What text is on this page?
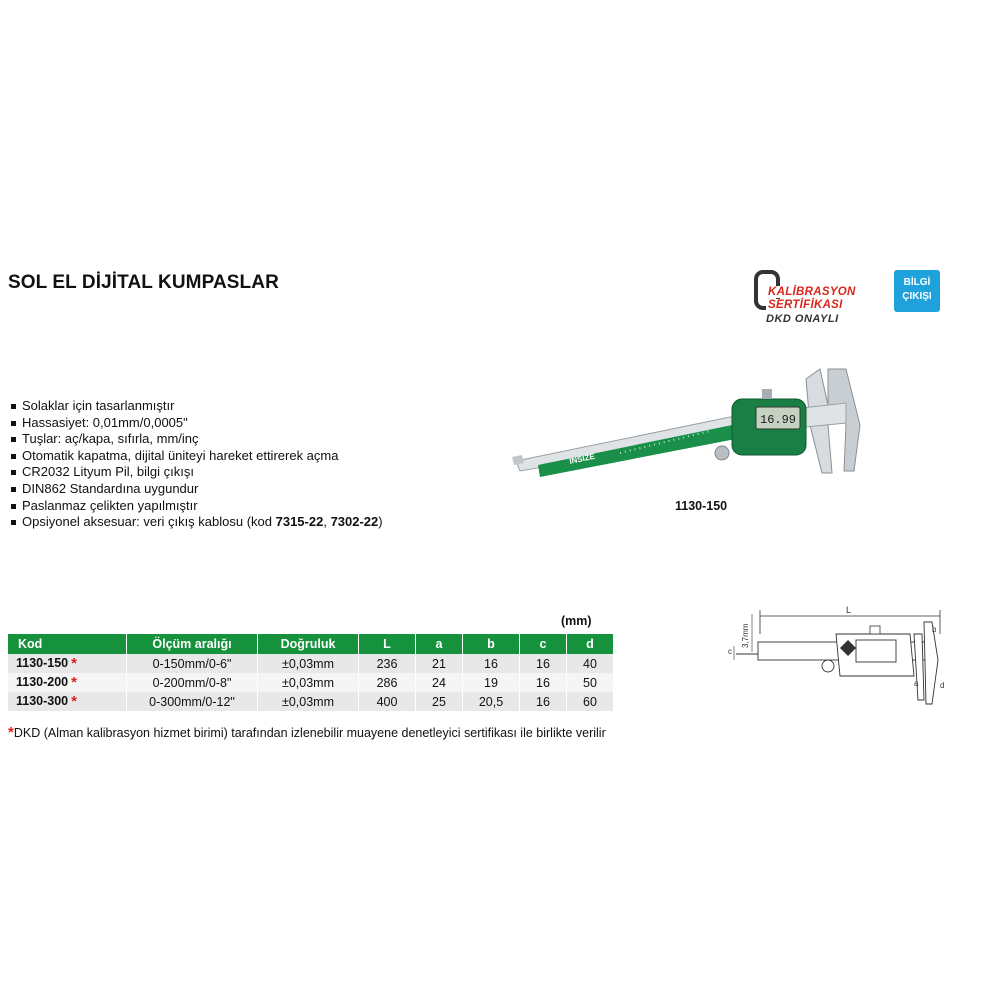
SOL EL DİJİTAL KUMPASLAR	KALİBRASYON
SERTİFİKASI
DKD ONAYLI
BİLGİ
ÇIKIŞI
Solaklar için tasarlanmıştır
Hassasiyet: 0,01mm/0,0005"
Tuşlar: aç/kapa, sıfırla, mm/inç
Otomatik kapatma, dijital üniteyi hareket ettirerek açma
CR2032 Lityum Pil, bilgi çıkışı
DIN862 Standardına uygundur
Paslanmaz çelikten yapılmıştır
Opsiyonel aksesuar: veri çıkış kablosu (kod 7315-22, 7302-22)
INSIZE
16.99
1130-150
(mm)
Kod	Ölçüm aralığı	Doğruluk	L	a	b	c	d
1130-150 *	0-150mm/0-6"	±0,03mm	236	21	16	16	40
1130-200 *	0-200mm/0-8"	±0,03mm	286	24	19	16	50
1130-300 *	0-300mm/0-12"	±0,03mm	400	25	20,5	16	60
*DKD (Alman kalibrasyon hizmet birimi) tarafından izlenebilir muayene denetleyici sertifikası ile birlikte verilir
L
3,7mm
c
a
b
d
